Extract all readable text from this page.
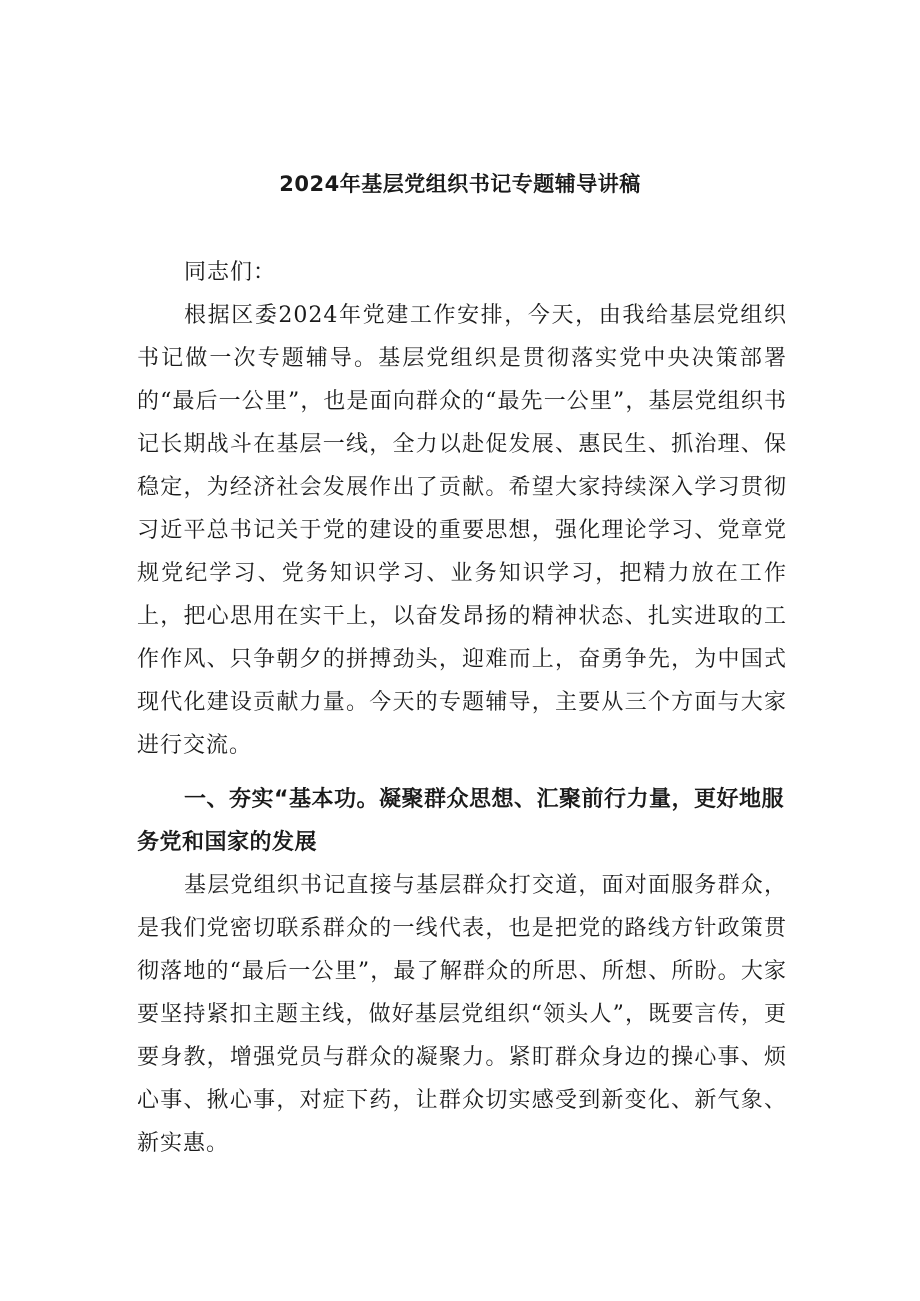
2024年基层党组织书记专题辅导讲稿

同志们：

根据区委2024年党建工作安排，今天，由我给基层党组织书记做一次专题辅导。基层党组织是贯彻落实党中央决策部署的“最后一公里”，也是面向群众的“最先一公里”，基层党组织书记长期战斗在基层一线，全力以赴促发展、惠民生、抓治理、保稳定，为经济社会发展作出了贡献。希望大家持续深入学习贯彻习近平总书记关于党的建设的重要思想，强化理论学习、党章党规党纪学习、党务知识学习、业务知识学习，把精力放在工作上，把心思用在实干上，以奋发昂扬的精神状态、扎实进取的工作作风、只争朝夕的拼搏劲头，迎难而上，奋勇争先，为中国式现代化建设贡献力量。今天的专题辅导，主要从三个方面与大家进行交流。

一、夯实“基本功。凝聚群众思想、汇聚前行力量，更好地服务党和国家的发展

基层党组织书记直接与基层群众打交道，面对面服务群众，是我们党密切联系群众的一线代表，也是把党的路线方针政策贯彻落地的“最后一公里”，最了解群众的所思、所想、所盼。大家要坚持紧扣主题主线，做好基层党组织“领头人”，既要言传，更要身教，增强党员与群众的凝聚力。紧盯群众身边的操心事、烦心事、揪心事，对症下药，让群众切实感受到新变化、新气象、新实惠。
